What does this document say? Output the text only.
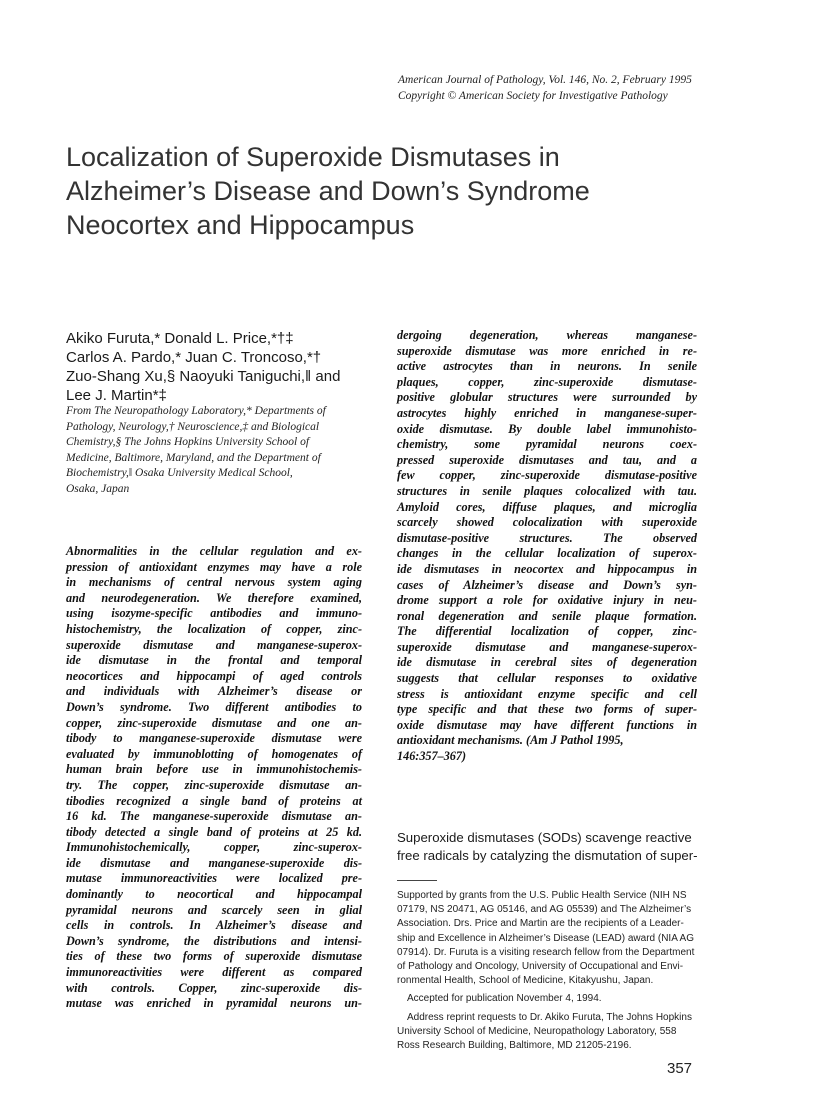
American Journal of Pathology, Vol. 146, No. 2, February 1995
Copyright © American Society for Investigative Pathology
Localization of Superoxide Dismutases in
Alzheimer’s Disease and Down’s Syndrome
Neocortex and Hippocampus
Akiko Furuta,* Donald L. Price,*†‡
Carlos A. Pardo,* Juan C. Troncoso,*†
Zuo-Shang Xu,§ Naoyuki Taniguchi,‖ and
Lee J. Martin*‡
From The Neuropathology Laboratory,* Departments of
Pathology, Neurology,† Neuroscience,‡ and Biological
Chemistry,§ The Johns Hopkins University School of
Medicine, Baltimore, Maryland, and the Department of
Biochemistry,‖ Osaka University Medical School,
Osaka, Japan
Abnormalities in the cellular regulation and ex-
pression of antioxidant enzymes may have a role
in mechanisms of central nervous system aging
and neurodegeneration. We therefore examined,
using isozyme-specific antibodies and immuno-
histochemistry, the localization of copper, zinc-
superoxide dismutase and manganese-superox-
ide dismutase in the frontal and temporal
neocortices and hippocampi of aged controls
and individuals with Alzheimer’s disease or
Down’s syndrome. Two different antibodies to
copper, zinc-superoxide dismutase and one an-
tibody to manganese-superoxide dismutase were
evaluated by immunoblotting of homogenates of
human brain before use in immunohistochemis-
try. The copper, zinc-superoxide dismutase an-
tibodies recognized a single band of proteins at
16 kd. The manganese-superoxide dismutase an-
tibody detected a single band of proteins at 25 kd.
Immunohistochemically, copper, zinc-superox-
ide dismutase and manganese-superoxide dis-
mutase immunoreactivities were localized pre-
dominantly to neocortical and hippocampal
pyramidal neurons and scarcely seen in glial
cells in controls. In Alzheimer’s disease and
Down’s syndrome, the distributions and intensi-
ties of these two forms of superoxide dismutase
immunoreactivities were different as compared
with controls. Copper, zinc-superoxide dis-
mutase was enriched in pyramidal neurons un-
dergoing degeneration, whereas manganese-
superoxide dismutase was more enriched in re-
active astrocytes than in neurons. In senile
plaques, copper, zinc-superoxide dismutase-
positive globular structures were surrounded by
astrocytes highly enriched in manganese-super-
oxide dismutase. By double label immunohisto-
chemistry, some pyramidal neurons coex-
pressed superoxide dismutases and tau, and a
few copper, zinc-superoxide dismutase-positive
structures in senile plaques colocalized with tau.
Amyloid cores, diffuse plaques, and microglia
scarcely showed colocalization with superoxide
dismutase-positive structures. The observed
changes in the cellular localization of superox-
ide dismutases in neocortex and hippocampus in
cases of Alzheimer’s disease and Down’s syn-
drome support a role for oxidative injury in neu-
ronal degeneration and senile plaque formation.
The differential localization of copper, zinc-
superoxide dismutase and manganese-superox-
ide dismutase in cerebral sites of degeneration
suggests that cellular responses to oxidative
stress is antioxidant enzyme specific and cell
type specific and that these two forms of super-
oxide dismutase may have different functions in
antioxidant mechanisms. (Am J Pathol 1995,
146:357–367)
Superoxide dismutases (SODs) scavenge reactive
free radicals by catalyzing the dismutation of super-
Supported by grants from the U.S. Public Health Service (NIH NS
07179, NS 20471, AG 05146, and AG 05539) and The Alzheimer’s
Association. Drs. Price and Martin are the recipients of a Leader-
ship and Excellence in Alzheimer’s Disease (LEAD) award (NIA AG
07914). Dr. Furuta is a visiting research fellow from the Department
of Pathology and Oncology, University of Occupational and Envi-
ronmental Health, School of Medicine, Kitakyushu, Japan.
Accepted for publication November 4, 1994.
Address reprint requests to Dr. Akiko Furuta, The Johns Hopkins
University School of Medicine, Neuropathology Laboratory, 558
Ross Research Building, Baltimore, MD 21205-2196.
357
